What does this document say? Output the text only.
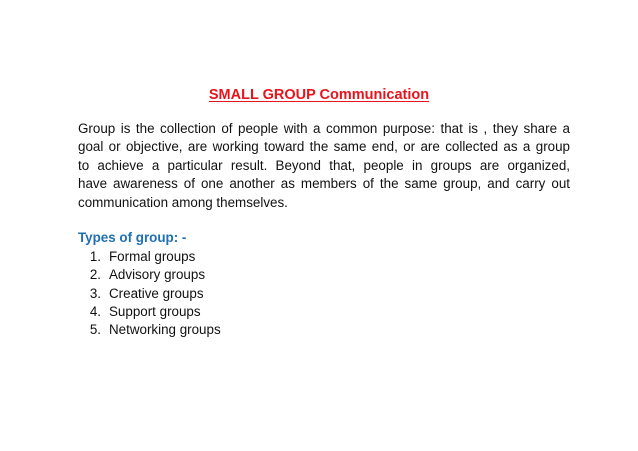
SMALL GROUP Communication

Group is the collection of people with a common purpose: that is , they share a
goal or objective, are working toward the same end, or are collected as a group
to achieve a particular result. Beyond that, people in groups are organized,
have awareness of one another as members of the same group, and carry out
communication among themselves.

Types of group: -
1. Formal groups
2. Advisory groups
3. Creative groups
4. Support groups
5. Networking groups
